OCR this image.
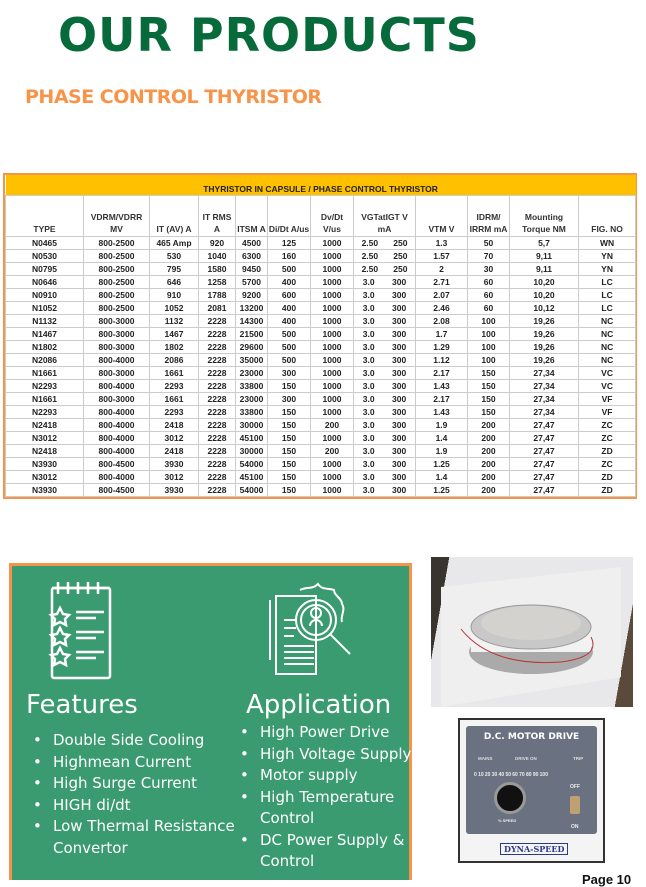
OUR PRODUCTS
PHASE CONTROL THYRISTOR
THYRISTOR IN CAPSULE / PHASE CONTROL THYRISTOR											
TYPE	VDRM/VDRR MV	IT (AV) A	IT RMS A	ITSM A	Di/Dt A/us	Dv/Dt V/us	VGTatIGT V mA	VTM V	IDRM/ IRRM mA	Mounting Torque NM	FIG. NO
N0465	800-2500	465 Amp	920	4500	125	1000	2.50 250	1.3	50	5,7	WN
N0530	800-2500	530	1040	6300	160	1000	2.50 250	1.57	70	9,11	YN
N0795	800-2500	795	1580	9450	500	1000	2.50 250	2	30	9,11	YN
N0646	800-2500	646	1258	5700	400	1000	3.0 300	2.71	60	10,20	LC
N0910	800-2500	910	1788	9200	600	1000	3.0 300	2.07	60	10,20	LC
N1052	800-2500	1052	2081	13200	400	1000	3.0 300	2.46	60	10,12	LC
N1132	800-3000	1132	2228	14300	400	1000	3.0 300	2.08	100	19,26	NC
N1467	800-3000	1467	2228	21500	500	1000	3.0 300	1.7	100	19,26	NC
N1802	800-3000	1802	2228	29600	500	1000	3.0 300	1.29	100	19,26	NC
N2086	800-4000	2086	2228	35000	500	1000	3.0 300	1.12	100	19,26	NC
N1661	800-3000	1661	2228	23000	300	1000	3.0 300	2.17	150	27,34	VC
N2293	800-4000	2293	2228	33800	150	1000	3.0 300	1.43	150	27,34	VC
N1661	800-3000	1661	2228	23000	300	1000	3.0 300	2.17	150	27,34	VF
N2293	800-4000	2293	2228	33800	150	1000	3.0 300	1.43	150	27,34	VF
N2418	800-4000	2418	2228	30000	150	200	3.0 300	1.9	200	27,47	ZC
N3012	800-4000	3012	2228	45100	150	1000	3.0 300	1.4	200	27,47	ZC
N2418	800-4000	2418	2228	30000	150	200	3.0 300	1.9	200	27,47	ZD
N3930	800-4500	3930	2228	54000	150	1000	3.0 300	1.25	200	27,47	ZC
N3012	800-4000	3012	2228	45100	150	1000	3.0 300	1.4	200	27,47	ZD
N3930	800-4500	3930	2228	54000	150	1000	3.0 300	1.25	200	27,47	ZD
Features	Application
• Double Side Cooling
• Highmean Current
• High Surge Current
• HIGH di/dt
• Low Thermal Resistance Convertor
• High Power Drive
• High Voltage Supply
• Motor supply
• High Temperature Control
• DC Power Supply & Control
D.C. MOTOR DRIVE
MAINS	DRIVE ON	TRIP
0 10 20 30 40 50 60 70 80 90 100
% SPEED
OFF
ON
DYNA-SPEED
Page 10
